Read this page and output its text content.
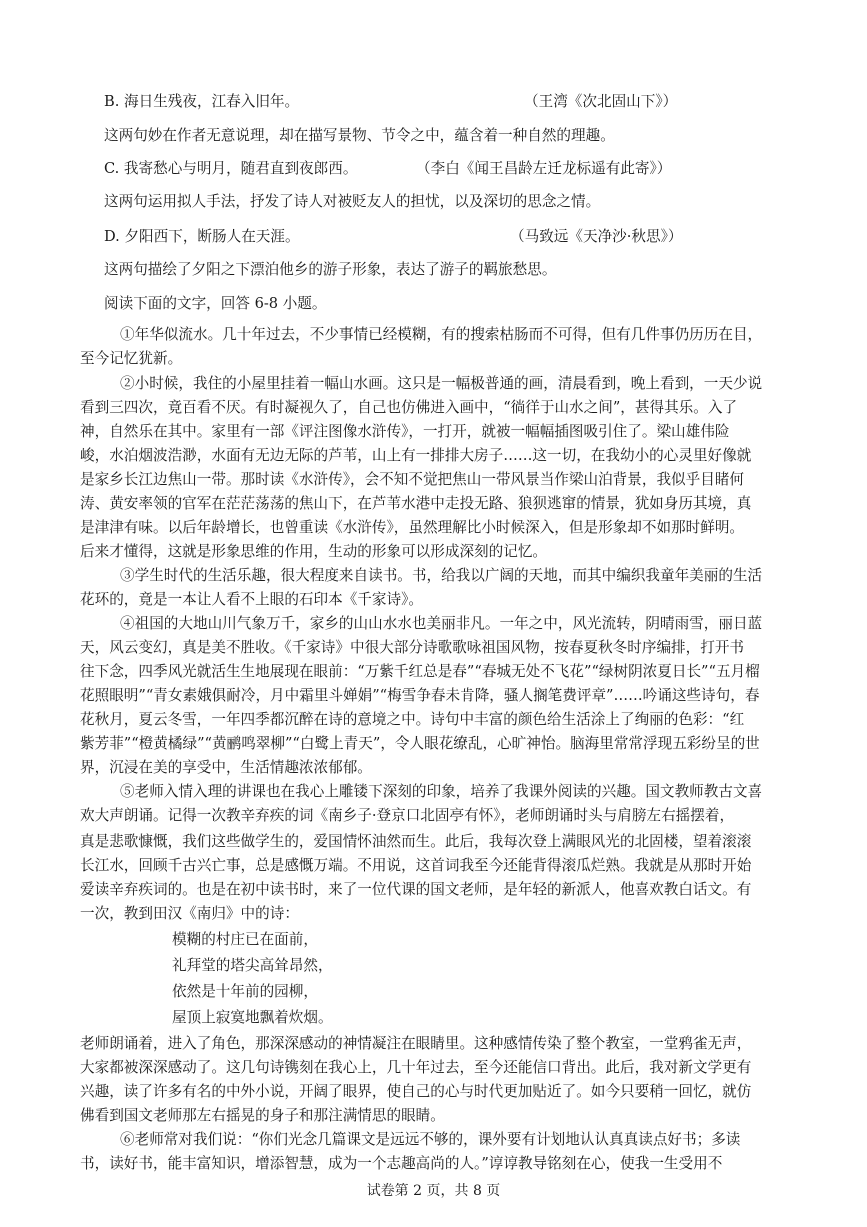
B. 海日生残夜，江春入旧年。	（王湾《次北固山下》）
这两句妙在作者无意说理，却在描写景物、节令之中，蕴含着一种自然的理趣。
C. 我寄愁心与明月，随君直到夜郎西。	（李白《闻王昌龄左迁龙标遥有此寄》）
这两句运用拟人手法，抒发了诗人对被贬友人的担忧，以及深切的思念之情。
D. 夕阳西下，断肠人在天涯。	（马致远《天净沙·秋思》）
这两句描绘了夕阳之下漂泊他乡的游子形象，表达了游子的羁旅愁思。
阅读下面的文字，回答 6-8 小题。
①年华似流水。几十年过去，不少事情已经模糊，有的搜索枯肠而不可得，但有几件事仍历历在目，
至今记忆犹新。
②小时候，我住的小屋里挂着一幅山水画。这只是一幅极普通的画，清晨看到，晚上看到，一天少说
看到三四次，竟百看不厌。有时凝视久了，自己也仿佛进入画中，“徜徉于山水之间”，甚得其乐。入了
神，自然乐在其中。家里有一部《评注图像水浒传》，一打开，就被一幅幅插图吸引住了。梁山雄伟险
峻，水泊烟波浩渺，水面有无边无际的芦苇，山上有一排排大房子……这一切，在我幼小的心灵里好像就
是家乡长江边焦山一带。那时读《水浒传》，会不知不觉把焦山一带风景当作梁山泊背景，我似乎目睹何
涛、黄安率领的官军在茫茫荡荡的焦山下，在芦苇水港中走投无路、狼狈逃窜的情景，犹如身历其境，真
是津津有味。以后年龄增长，也曾重读《水浒传》，虽然理解比小时候深入，但是形象却不如那时鲜明。
后来才懂得，这就是形象思维的作用，生动的形象可以形成深刻的记忆。
③学生时代的生活乐趣，很大程度来自读书。书，给我以广阔的天地，而其中编织我童年美丽的生活
花环的，竟是一本让人看不上眼的石印本《千家诗》。
④祖国的大地山川气象万千，家乡的山山水水也美丽非凡。一年之中，风光流转，阴晴雨雪，丽日蓝
天，风云变幻，真是美不胜收。《千家诗》中很大部分诗歌歌咏祖国风物，按春夏秋冬时序编排，打开书
往下念，四季风光就活生生地展现在眼前：“万紫千红总是春”“春城无处不飞花”“绿树阴浓夏日长”“五月榴
花照眼明”“青女素娥俱耐冷，月中霜里斗婵娟”“梅雪争春未肯降，骚人搁笔费评章”……吟诵这些诗句，春
花秋月，夏云冬雪，一年四季都沉醉在诗的意境之中。诗句中丰富的颜色给生活涂上了绚丽的色彩：“红
紫芳菲”“橙黄橘绿”“黄鹂鸣翠柳”“白鹭上青天”，令人眼花缭乱，心旷神怡。脑海里常常浮现五彩纷呈的世
界，沉浸在美的享受中，生活情趣浓浓郁郁。
⑤老师入情入理的讲课也在我心上雕镂下深刻的印象，培养了我课外阅读的兴趣。国文教师教古文喜
欢大声朗诵。记得一次教辛弃疾的词《南乡子·登京口北固亭有怀》，老师朗诵时头与肩膀左右摇摆着，
真是悲歌慷慨，我们这些做学生的，爱国情怀油然而生。此后，我每次登上满眼风光的北固楼，望着滚滚
长江水，回顾千古兴亡事，总是感慨万端。不用说，这首词我至今还能背得滚瓜烂熟。我就是从那时开始
爱读辛弃疾词的。也是在初中读书时，来了一位代课的国文老师，是年轻的新派人，他喜欢教白话文。有
一次，教到田汉《南归》中的诗：
模糊的村庄已在面前，
礼拜堂的塔尖高耸昂然，
依然是十年前的园柳，
屋顶上寂寞地飘着炊烟。
老师朗诵着，进入了角色，那深深感动的神情凝注在眼睛里。这种感情传染了整个教室，一堂鸦雀无声，
大家都被深深感动了。这几句诗镌刻在我心上，几十年过去，至今还能信口背出。此后，我对新文学更有
兴趣，读了许多有名的中外小说，开阔了眼界，使自己的心与时代更加贴近了。如今只要稍一回忆，就仿
佛看到国文老师那左右摇晃的身子和那注满情思的眼睛。
⑥老师常对我们说：“你们光念几篇课文是远远不够的，课外要有计划地认认真真读点好书；多读
书，读好书，能丰富知识，增添智慧，成为一个志趣高尚的人。”谆谆教导铭刻在心，使我一生受用不
试卷第 2 页，共 8 页
